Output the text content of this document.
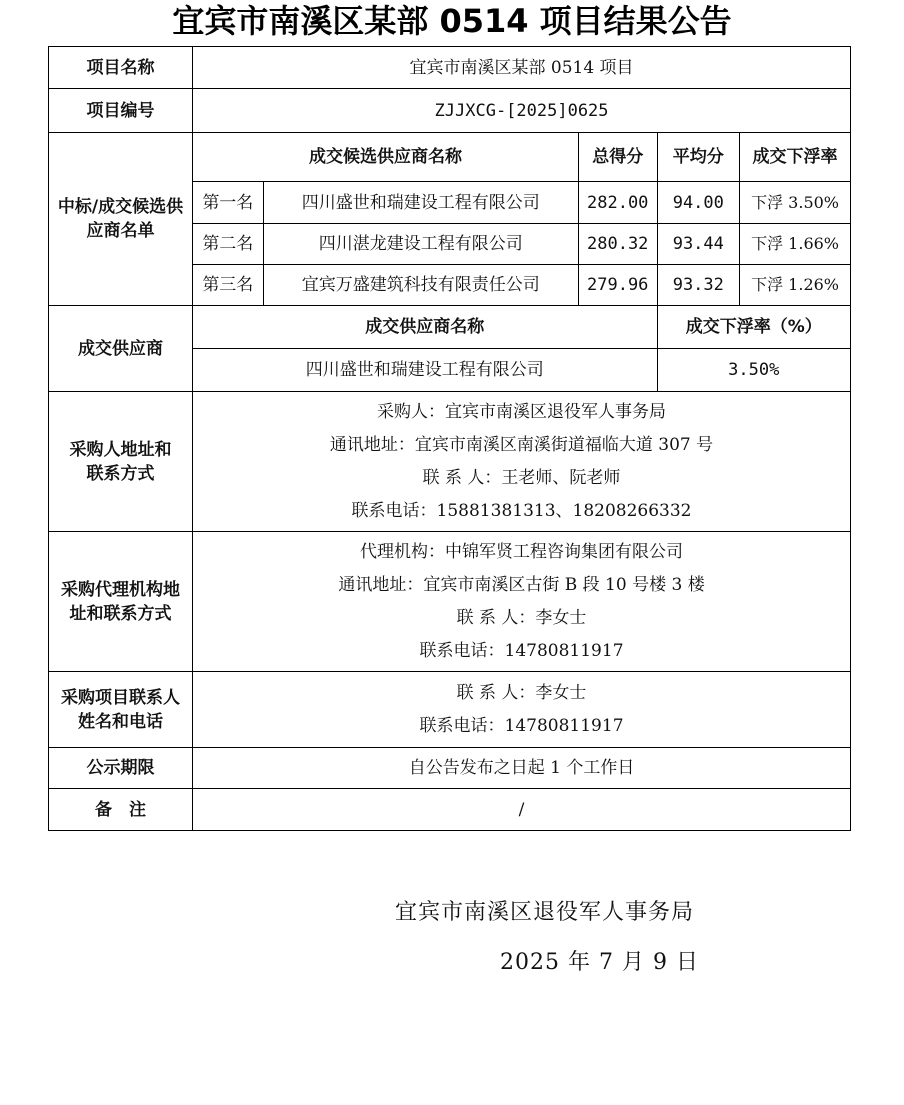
宜宾市南溪区某部 0514 项目结果公告
项目名称	宜宾市南溪区某部 0514 项目				
项目编号	ZJJXCG-[2025]0625				
中标/成交候选供应商名单	成交候选供应商名称		总得分	平均分	成交下浮率
	第一名	四川盛世和瑞建设工程有限公司	282.00	94.00	下浮 3.50%
	第二名	四川湛龙建设工程有限公司	280.32	93.44	下浮 1.66%
	第三名	宜宾万盛建筑科技有限责任公司	279.96	93.32	下浮 1.26%
成交供应商	成交供应商名称			成交下浮率（%）	
	四川盛世和瑞建设工程有限公司			3.50%	
采购人地址和联系方式	采购人：宜宾市南溪区退役军人事务局
通讯地址：宜宾市南溪区南溪街道福临大道 307 号
联 系 人：王老师、阮老师
联系电话：15881381313、18208266332				

采购代理机构地址和联系方式	代理机构：中锦军贤工程咨询集团有限公司
通讯地址：宜宾市南溪区古街 B 段 10 号楼 3 楼
联 系 人：李女士
联系电话：14780811917				

采购项目联系人姓名和电话	联 系 人：李女士
联系电话：14780811917				

公示期限	自公告发布之日起 1 个工作日				
备　注	/				
宜宾市南溪区退役军人事务局
2025 年 7 月 9 日
